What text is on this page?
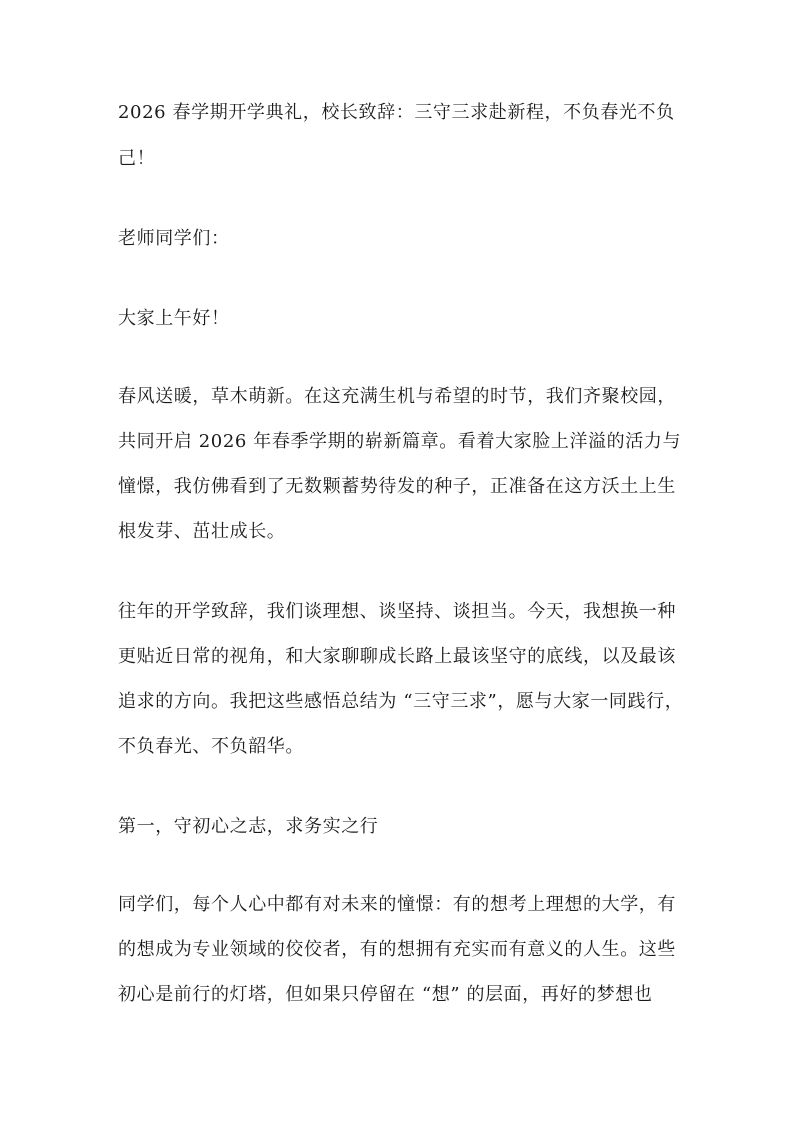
2026 春学期开学典礼，校长致辞：三守三求赴新程，不负春光不负
己！
老师同学们：
大家上午好！
春风送暖，草木萌新。在这充满生机与希望的时节，我们齐聚校园，
共同开启 2026 年春季学期的崭新篇章。看着大家脸上洋溢的活力与
憧憬，我仿佛看到了无数颗蓄势待发的种子，正准备在这方沃土上生
根发芽、茁壮成长。
往年的开学致辞，我们谈理想、谈坚持、谈担当。今天，我想换一种
更贴近日常的视角，和大家聊聊成长路上最该坚守的底线，以及最该
追求的方向。我把这些感悟总结为 “三守三求”，愿与大家一同践行，
不负春光、不负韶华。
第一，守初心之志，求务实之行
同学们，每个人心中都有对未来的憧憬：有的想考上理想的大学，有
的想成为专业领域的佼佼者，有的想拥有充实而有意义的人生。这些
初心是前行的灯塔，但如果只停留在 “想” 的层面，再好的梦想也
